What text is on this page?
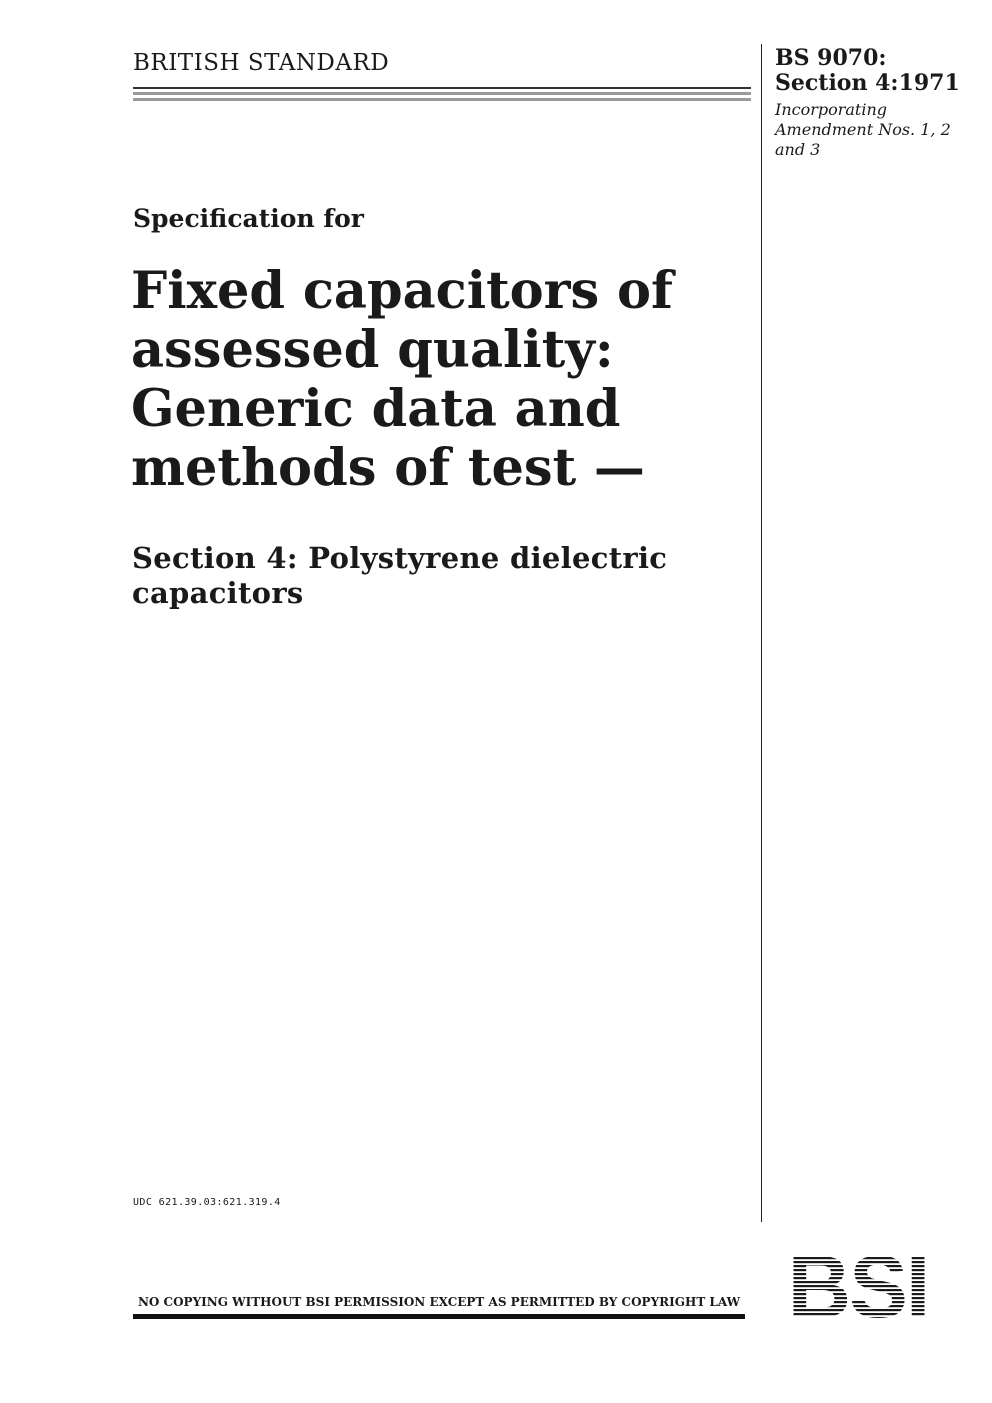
BRITISH STANDARD	BS 9070:
Section 4:1971
Incorporating Amendment Nos. 1, 2 and 3
Specification for
Fixed capacitors of assessed quality: Generic data and methods of test —
Section 4: Polystyrene dielectric capacitors
UDC 621.39.03:621.319.4
NO COPYING WITHOUT BSI PERMISSION EXCEPT AS PERMITTED BY COPYRIGHT LAW BSI
